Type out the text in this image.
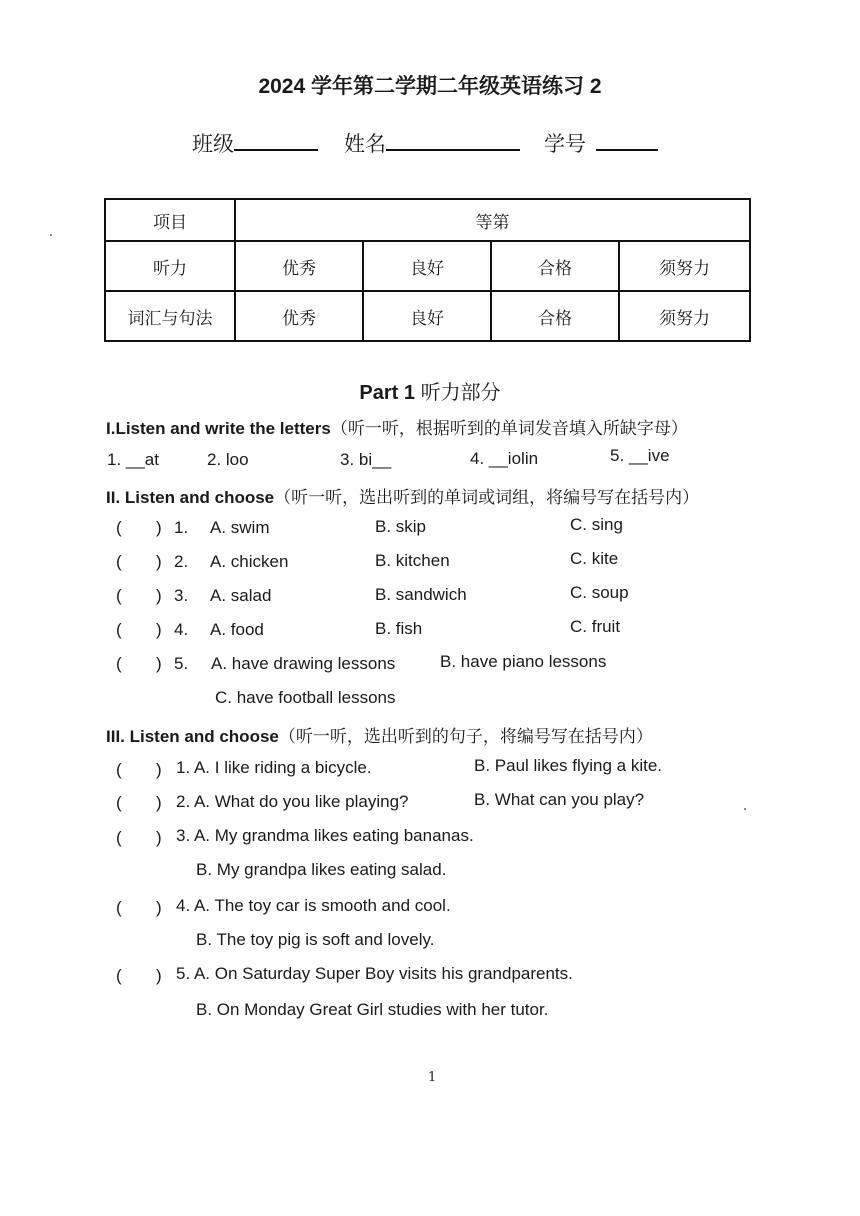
2024 学年第二学期二年级英语练习 2
班级	姓名	学号
项目	等第			
听力	优秀	良好	合格	须努力
词汇与句法	优秀	良好	合格	须努力
Part 1 听力部分
I.Listen and write the letters（听一听，根据听到的单词发音填入所缺字母）
1. __at	2. loo	3. bi__	4. __iolin	5. __ive
II. Listen and choose（听一听，选出听到的单词或词组，将编号写在括号内）
( ) 1. A. swim	B. skip	C. sing
( ) 2. A. chicken	B. kitchen	C. kite
( ) 3. A. salad	B. sandwich	C. soup
( ) 4. A. food	B. fish	C. fruit
( ) 5. A. have drawing lessons	B. have piano lessons
C. have football lessons
III. Listen and choose（听一听，选出听到的句子，将编号写在括号内）
( ) 1. A. I like riding a bicycle.	B. Paul likes flying a kite.
( ) 2. A. What do you like playing?	B. What can you play?
( ) 3. A. My grandma likes eating bananas.
B. My grandpa likes eating salad.
( ) 4. A. The toy car is smooth and cool.
B. The toy pig is soft and lovely.
( ) 5. A. On Saturday Super Boy visits his grandparents.
B. On Monday Great Girl studies with her tutor.
1
